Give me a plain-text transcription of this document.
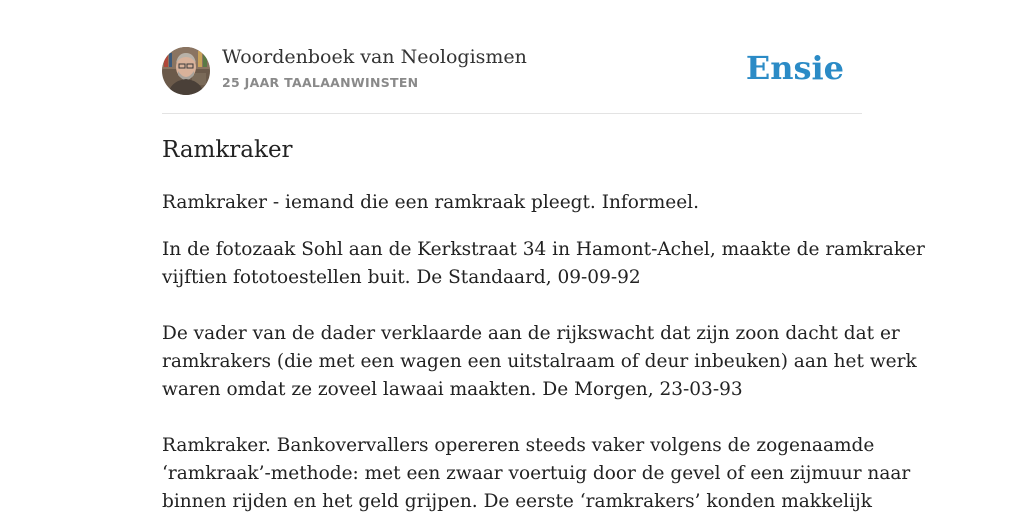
Woordenboek van Neologismen
25 JAAR TAALAANWINSTEN	Ensie
Ramkraker

Ramkraker - iemand die een ramkraak pleegt. Informeel.

In de fotozaak Sohl aan de Kerkstraat 34 in Hamont-Achel, maakte de ramkraker
vijftien fototoestellen buit. De Standaard, 09-09-92

De vader van de dader verklaarde aan de rijkswacht dat zijn zoon dacht dat er
ramkrakers (die met een wagen een uitstalraam of deur inbeuken) aan het werk
waren omdat ze zoveel lawaai maakten. De Morgen, 23-03-93

Ramkraker. Bankovervallers opereren steeds vaker volgens de zogenaamde
‘ramkraak’-methode: met een zwaar voertuig door de gevel of een zijmuur naar
binnen rijden en het geld grijpen. De eerste ‘ramkrakers’ konden makkelijk
